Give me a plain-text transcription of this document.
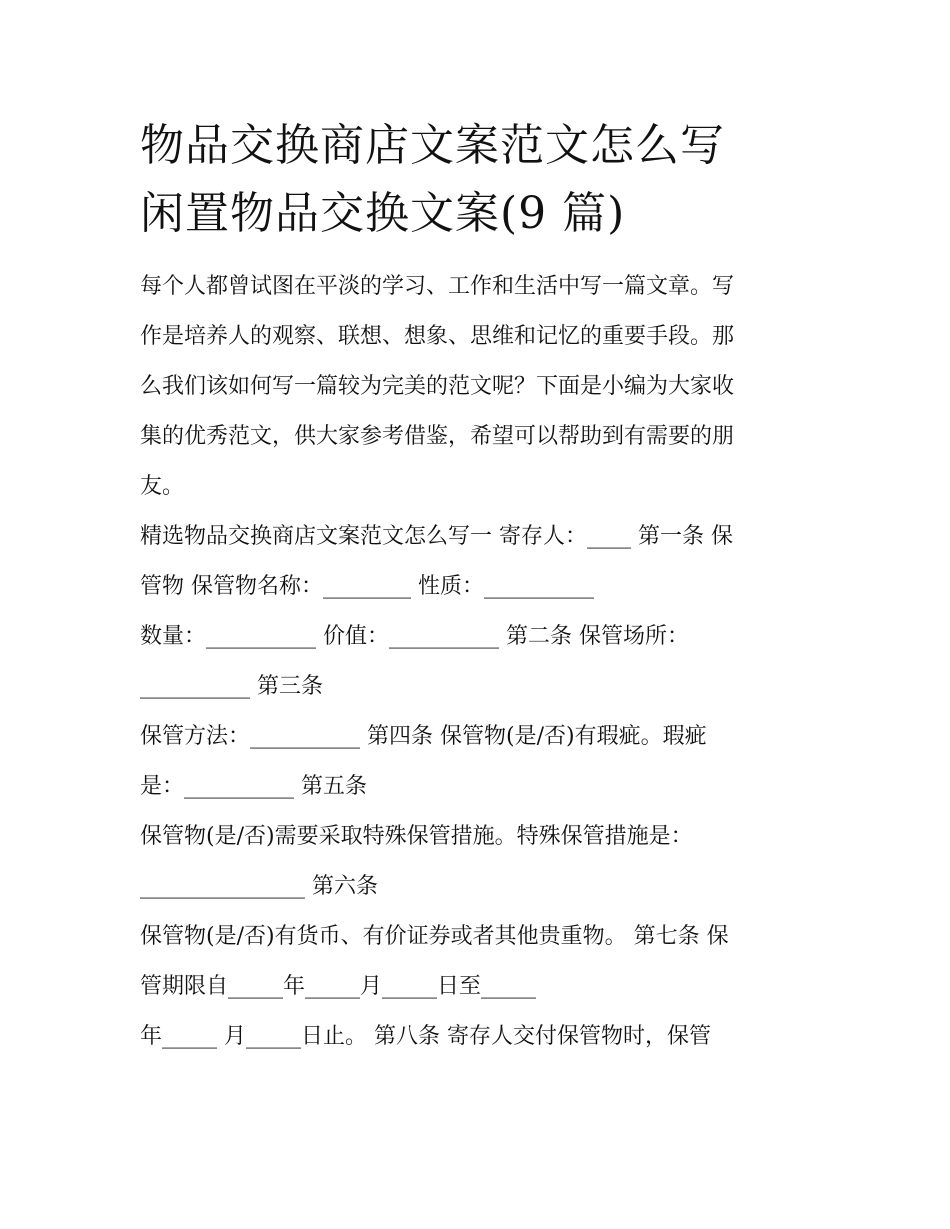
物品交换商店文案范文怎么写
闲置物品交换文案(9 篇)

每个人都曾试图在平淡的学习、工作和生活中写一篇文章。写

作是培养人的观察、联想、想象、思维和记忆的重要手段。那

么我们该如何写一篇较为完美的范文呢？下面是小编为大家收

集的优秀范文，供大家参考借鉴，希望可以帮助到有需要的朋

友。

精选物品交换商店文案范文怎么写一 寄存人：____ 第一条 保

管物 保管物名称：________ 性质：__________

数量：__________ 价值：__________ 第二条 保管场所：

__________ 第三条

保管方法：__________ 第四条 保管物(是/否)有瑕疵。瑕疵

是：__________ 第五条

保管物(是/否)需要采取特殊保管措施。特殊保管措施是：

_______________ 第六条

保管物(是/否)有货币、有价证券或者其他贵重物。 第七条 保

管期限自_____年_____月_____日至_____

年_____ 月_____日止。 第八条 寄存人交付保管物时，保管
